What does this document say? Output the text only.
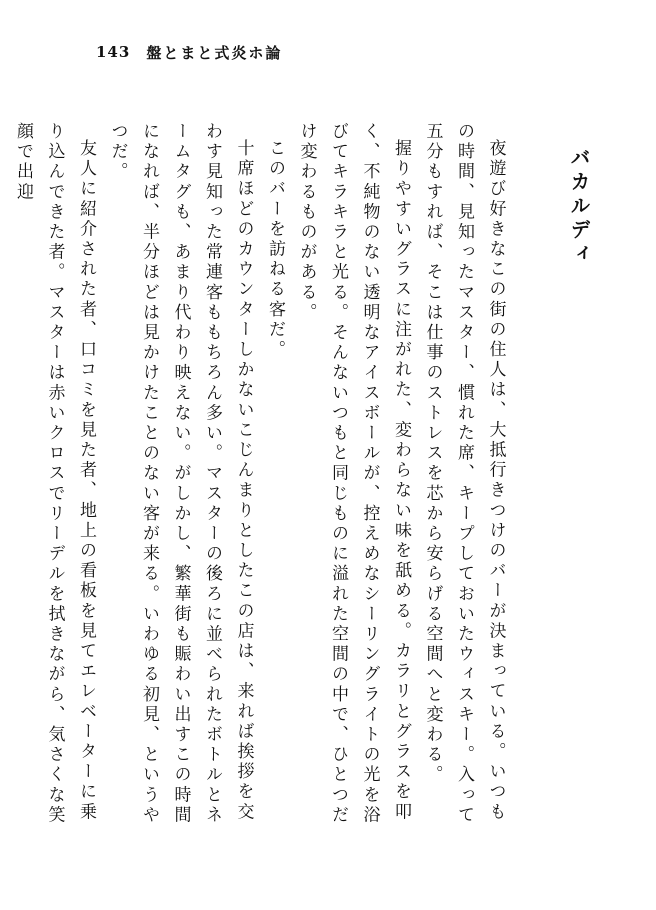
143 盤とまと式炎ホ論
バカルディ

夜遊び好きなこの街の住人は、大抵行きつけのバーが決まっている。いつもの時間、見知ったマスター、慣れた席、キープしておいたウィスキー。入って五分もすれば、そこは仕事のストレスを芯から安らげる空間へと変わる。

握りやすいグラスに注がれた、変わらない味を舐める。カラリとグラスを叩く、不純物のない透明なアイスボールが、控えめなシーリングライトの光を浴びてキラキラと光る。そんないつもと同じものに溢れた空間の中で、ひとつだけ変わるものがある。

このバーを訪ねる客だ。

十席ほどのカウンターしかないこじんまりとしたこの店は、来れば挨拶を交わす見知った常連客ももちろん多い。マスターの後ろに並べられたボトルとネームタグも、あまり代わり映えない。がしかし、繁華街も賑わい出すこの時間になれば、半分ほどは見かけたことのない客が来る。いわゆる初見、というやつだ。

友人に紹介された者、口コミを見た者、地上の看板を見てエレベーターに乗り込んできた者。マスターは赤いクロスでリーデルを拭きながら、気さくな笑顔で出迎
